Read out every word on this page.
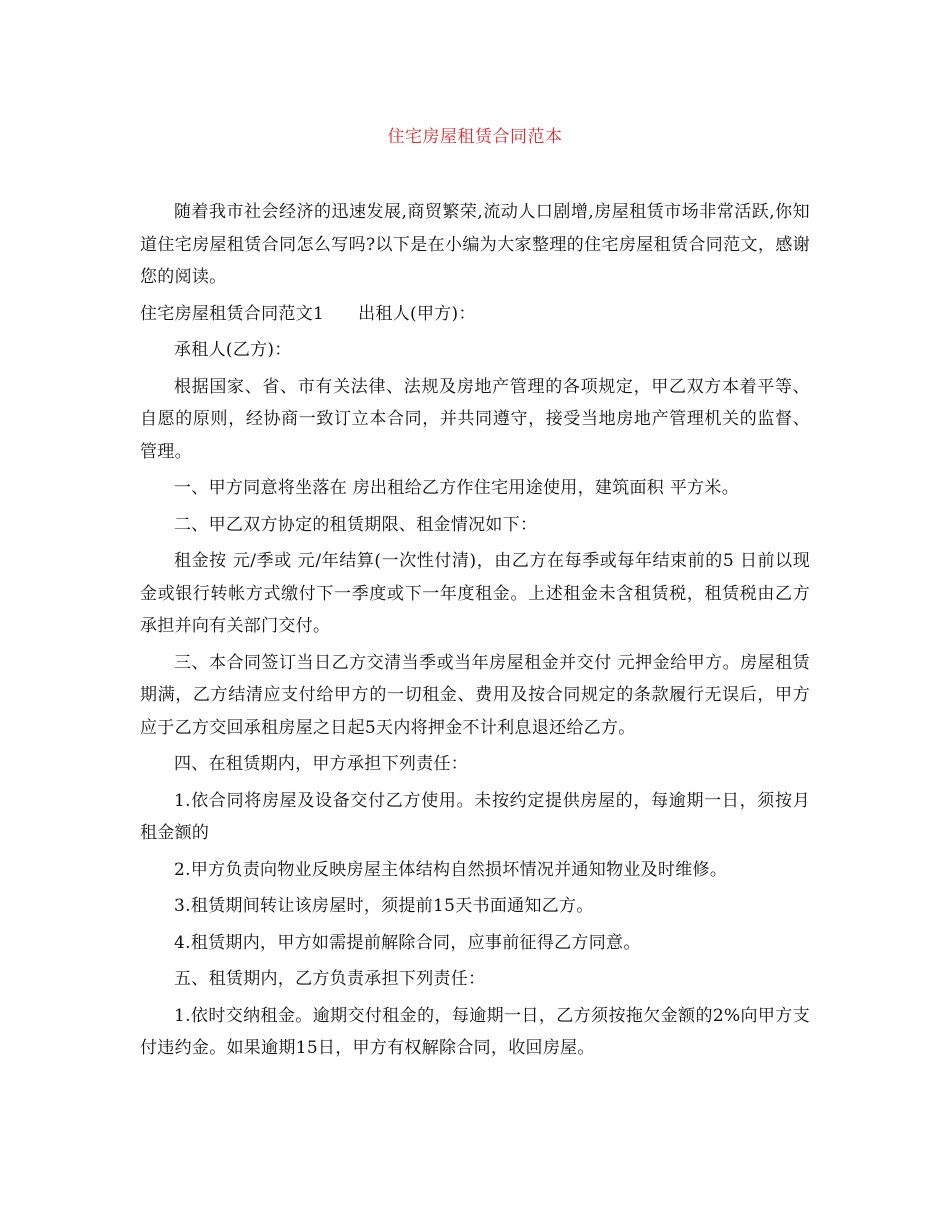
住宅房屋租赁合同范本

随着我市社会经济的迅速发展,商贸繁荣,流动人口剧增,房屋租赁市场非常活跃,你知道住宅房屋租赁合同怎么写吗?以下是在小编为大家整理的住宅房屋租赁合同范文，感谢您的阅读。

住宅房屋租赁合同范文1 出租人(甲方)：

承租人(乙方)：

根据国家、省、市有关法律、法规及房地产管理的各项规定，甲乙双方本着平等、自愿的原则，经协商一致订立本合同，并共同遵守，接受当地房地产管理机关的监督、管理。

一、甲方同意将坐落在 房出租给乙方作住宅用途使用，建筑面积 平方米。

二、甲乙双方协定的租赁期限、租金情况如下：

租金按 元/季或 元/年结算(一次性付清)，由乙方在每季或每年结束前的5 日前以现金或银行转帐方式缴付下一季度或下一年度租金。上述租金未含租赁税，租赁税由乙方承担并向有关部门交付。

三、本合同签订当日乙方交清当季或当年房屋租金并交付 元押金给甲方。房屋租赁期满，乙方结清应支付给甲方的一切租金、费用及按合同规定的条款履行无误后，甲方应于乙方交回承租房屋之日起5天内将押金不计利息退还给乙方。

四、在租赁期内，甲方承担下列责任：

1.依合同将房屋及设备交付乙方使用。未按约定提供房屋的，每逾期一日，须按月租金额的

2.甲方负责向物业反映房屋主体结构自然损坏情况并通知物业及时维修。

3.租赁期间转让该房屋时，须提前15天书面通知乙方。

4.租赁期内，甲方如需提前解除合同，应事前征得乙方同意。

五、租赁期内，乙方负责承担下列责任：

1.依时交纳租金。逾期交付租金的，每逾期一日，乙方须按拖欠金额的2%向甲方支付违约金。如果逾期15日，甲方有权解除合同，收回房屋。
